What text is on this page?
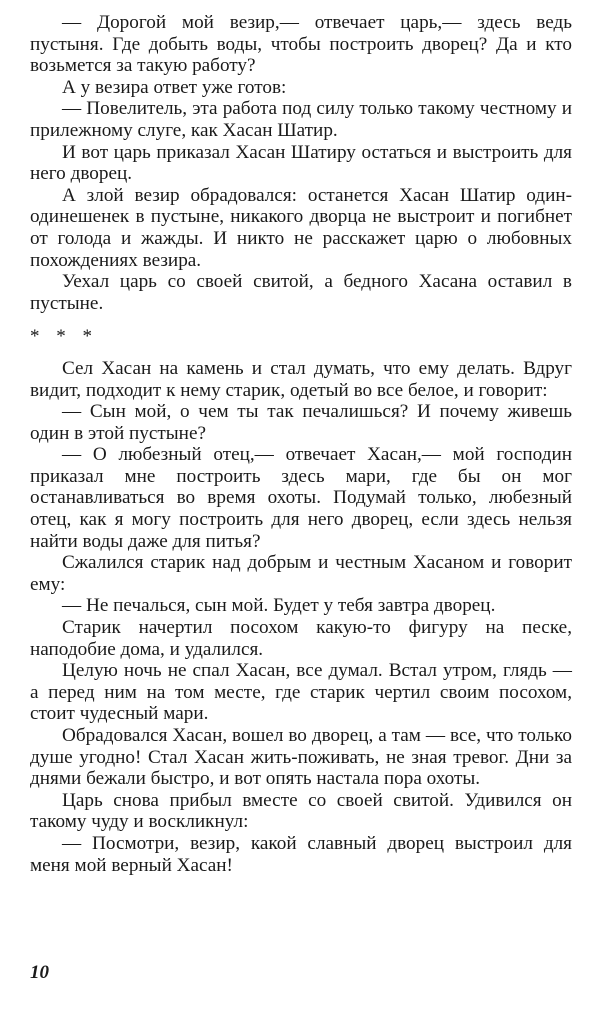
— Дорогой мой везир,— отвечает царь,— здесь ведь пустыня. Где добыть воды, чтобы построить дворец? Да и кто возьмется за такую работу?

А у везира ответ уже готов:

— Повелитель, эта работа под силу только такому честному и прилежному слуге, как Хасан Шатир.

И вот царь приказал Хасан Шатиру остаться и выстроить для него дворец.

А злой везир обрадовался: останется Хасан Шатир один-одинешенек в пустыне, никакого дворца не выстроит и погибнет от голода и жажды. И никто не расскажет царю о любовных похождениях везира.

Уехал царь со своей свитой, а бедного Хасана оставил в пустыне.

* * *

Сел Хасан на камень и стал думать, что ему делать. Вдруг видит, подходит к нему старик, одетый во все белое, и говорит:

— Сын мой, о чем ты так печалишься? И почему живешь один в этой пустыне?

— О любезный отец,— отвечает Хасан,— мой господин приказал мне построить здесь мари, где бы он мог останавливаться во время охоты. Подумай только, любезный отец, как я могу построить для него дворец, если здесь нельзя найти воды даже для питья?

Сжалился старик над добрым и честным Хасаном и говорит ему:

— Не печалься, сын мой. Будет у тебя завтра дворец.

Старик начертил посохом какую-то фигуру на песке, наподобие дома, и удалился.

Целую ночь не спал Хасан, все думал. Встал утром, глядь — а перед ним на том месте, где старик чертил своим посохом, стоит чудесный мари.

Обрадовался Хасан, вошел во дворец, а там — все, что только душе угодно! Стал Хасан жить-поживать, не зная тревог. Дни за днями бежали быстро, и вот опять настала пора охоты.

Царь снова прибыл вместе со своей свитой. Удивился он такому чуду и воскликнул:

— Посмотри, везир, какой славный дворец выстроил для меня мой верный Хасан!

10
